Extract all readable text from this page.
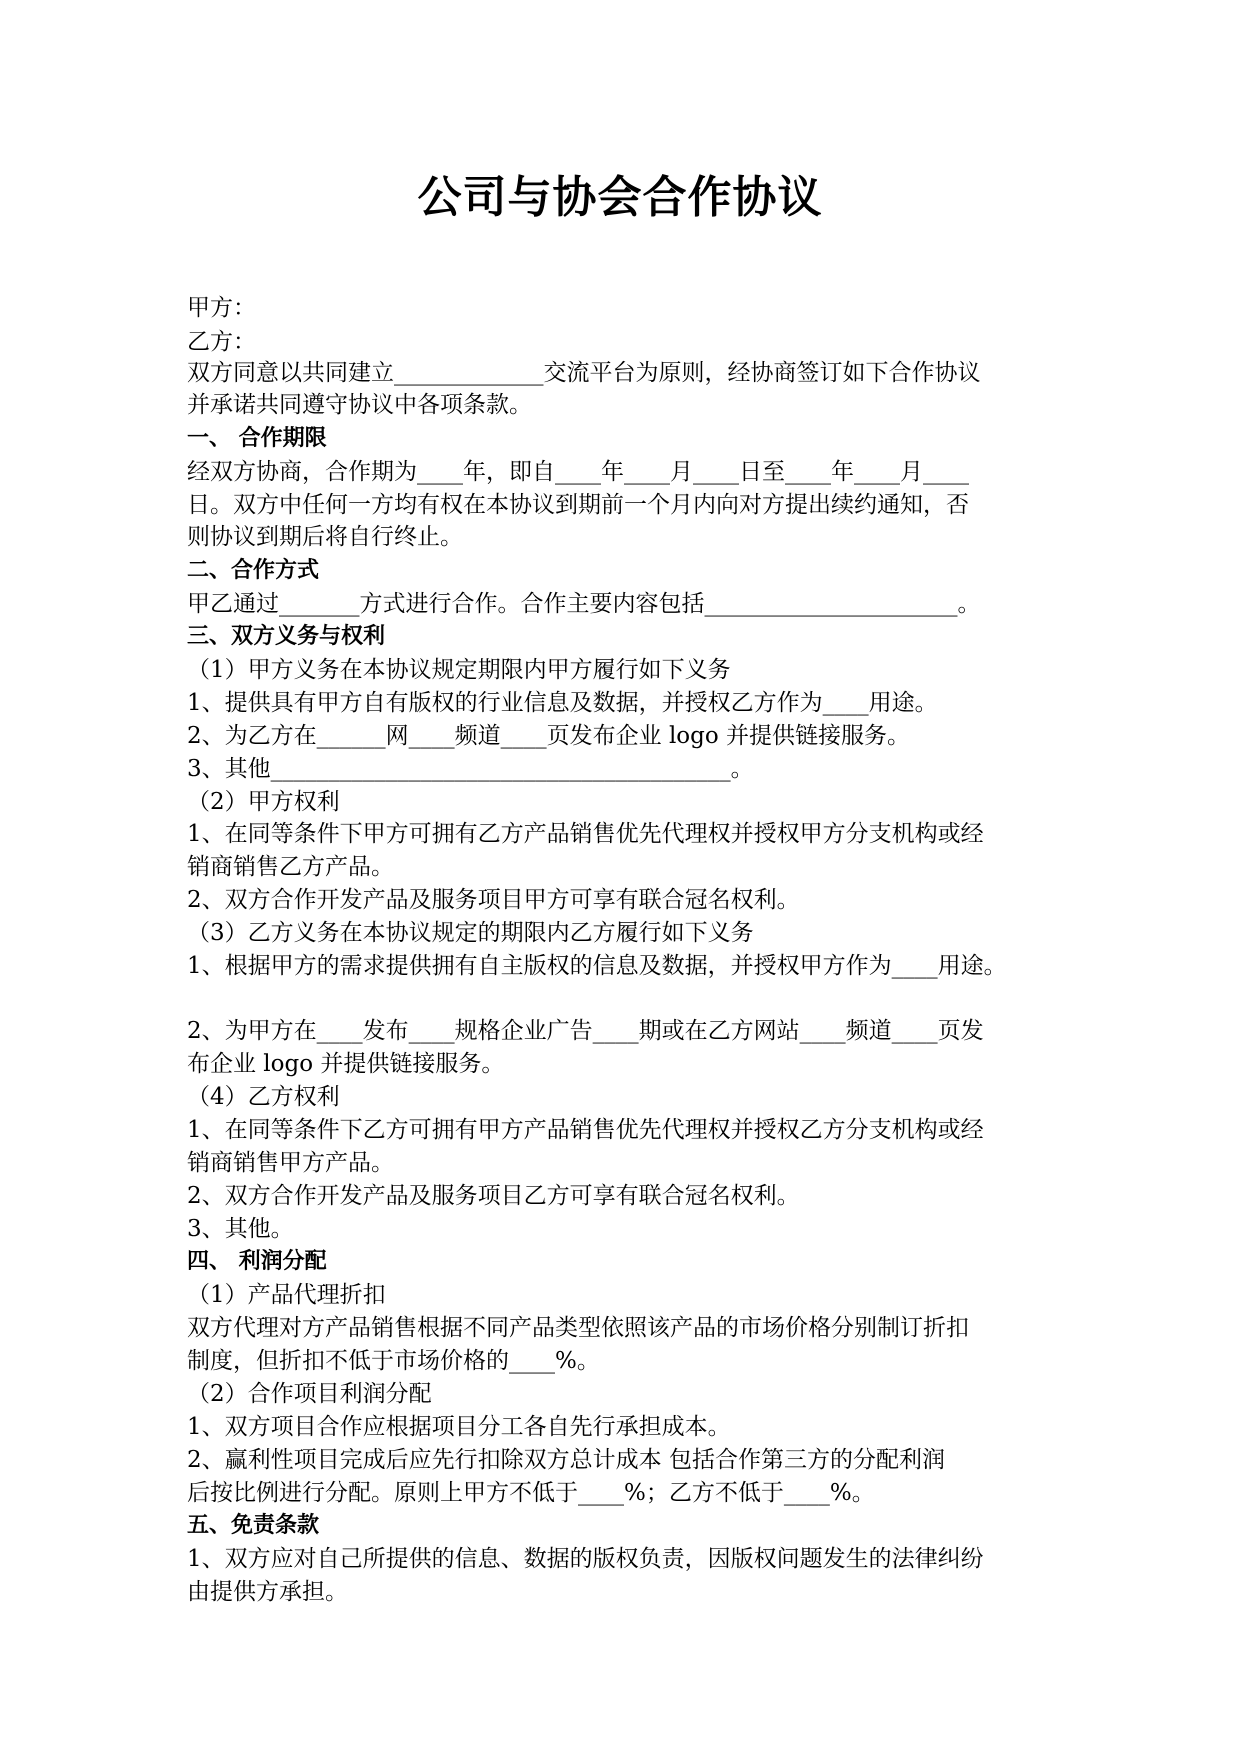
公司与协会合作协议
甲方：
乙方：
双方同意以共同建立_____________交流平台为原则，经协商签订如下合作协议
并承诺共同遵守协议中各项条款。
一、 合作期限
经双方协商，合作期为____年，即自____年____月____日至____年____月____
日。双方中任何一方均有权在本协议到期前一个月内向对方提出续约通知，否
则协议到期后将自行终止。
二、合作方式
甲乙通过_______方式进行合作。合作主要内容包括______________________。
三、双方义务与权利
（1）甲方义务在本协议规定期限内甲方履行如下义务
1、提供具有甲方自有版权的行业信息及数据，并授权乙方作为____用途。
2、为乙方在______网____频道____页发布企业 logo 并提供链接服务。
3、其他________________________________________。
（2）甲方权利
1、在同等条件下甲方可拥有乙方产品销售优先代理权并授权甲方分支机构或经
销商销售乙方产品。
2、双方合作开发产品及服务项目甲方可享有联合冠名权利。
（3）乙方义务在本协议规定的期限内乙方履行如下义务
1、根据甲方的需求提供拥有自主版权的信息及数据，并授权甲方作为____用途。
2、为甲方在____发布____规格企业广告____期或在乙方网站____频道____页发
布企业 logo 并提供链接服务。
（4）乙方权利
1、在同等条件下乙方可拥有甲方产品销售优先代理权并授权乙方分支机构或经
销商销售甲方产品。
2、双方合作开发产品及服务项目乙方可享有联合冠名权利。
3、其他。
四、 利润分配
（1）产品代理折扣
双方代理对方产品销售根据不同产品类型依照该产品的市场价格分别制订折扣
制度，但折扣不低于市场价格的____%。
（2）合作项目利润分配
1、双方项目合作应根据项目分工各自先行承担成本。
2、赢利性项目完成后应先行扣除双方总计成本 包括合作第三方的分配利润
后按比例进行分配。原则上甲方不低于____%；乙方不低于____%。
五、免责条款
1、双方应对自己所提供的信息、数据的版权负责，因版权问题发生的法律纠纷
由提供方承担。
